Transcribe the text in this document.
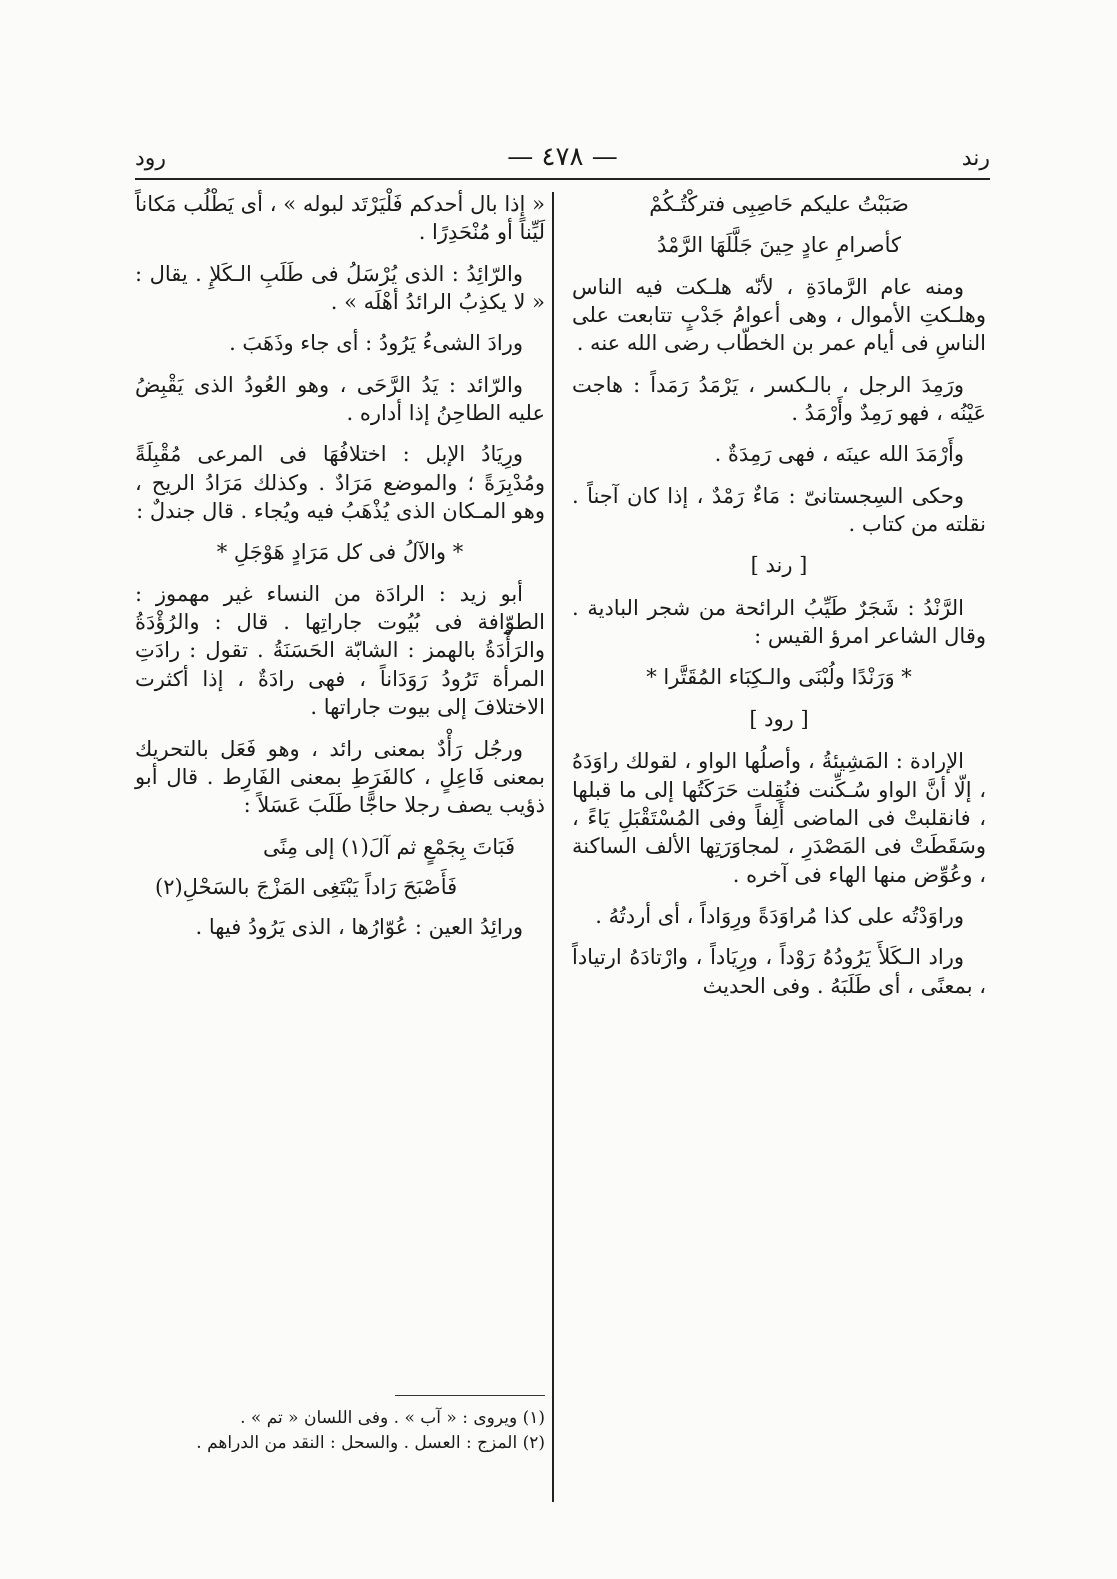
رند
— ٤٧٨ —
رود
صَبَبْتُ عليكم حَاصِبِى فتركْتُـكُمْ
كأصرامِ عادٍ حِينَ جَلَّلَهَا الرَّمْدُ

ومنه عام الرَّمادَةِ ، لأنّه هلـكت فيه الناس وهلـكتِ الأموال ، وهى أعوامُ جَدْبٍ تتابعت على الناسِ فى أيام عمر بن الخطّاب رضى الله عنه .

ورَمِدَ الرجل ، بالـكسر ، يَرْمَدُ رَمَداً : هاجت عَيْنُه ، فهو رَمِدٌ وأَرْمَدُ .

وأَرْمَدَ الله عينَه ، فهى رَمِدَةٌ .

وحكى السِجستانىّ : مَاءٌ رَمْدٌ ، إذا كان آجناً . نقلته من كتاب .

[ رند ]

الرَّنْدُ : شَجَرٌ طَيِّبُ الرائحة من شجر البادية . وقال الشاعر امرؤ القيس :

* وَرَنْدًا ولُبْنَى والـكِبَاء المُقَتَّرا *
[ رود ]

الإرادة : المَشِيئةُ ، وأصلُها الواو ، لقولك راوَدَهُ ، إلّا أنَّ الواو سُـكِّنت فنُقِلت حَرَكَتُها إلى ما قبلها ، فانقلبتْ فى الماضى أَلِفاً وفى المُسْتَقْبَلِ يَاءً ، وسَقَطَتْ فى المَصْدَرِ ، لمجاوَرَتِها الألف الساكنة ، وعُوِّض منها الهاء فى آخره .

وراوَدْتُه على كذا مُراوَدَةً ورِوَاداً ، أى أردتُهُ .

وراد الـكَلأَ يَرُودُهُ رَوْداً ، ورِيَاداً ، وارْتادَهُ ارتياداً ، بمعنًى ، أى طَلَبَهُ . وفى الحديث

« إذا بال أحدكم فَلْيَرْتَد لبوله » ، أى يَطْلُب مَكاناً لَيِّناً أو مُنْحَدِرًا .

والرّائِدُ : الذى يُرْسَلُ فى طَلَبِ الـكَلإِ . يقال : « لا يكذِبُ الرائدُ أهْلَه » .

ورادَ الشىءُ يَرُودُ : أى جاء وذَهَبَ .

والرّائد : يَدُ الرَّحَى ، وهو العُودُ الذى يَقْبِضُ عليه الطاحِنُ إذا أداره .

ورِيَادُ الإبل : اختلافُهَا فى المرعى مُقْبِلَةً ومُدْبِرَةً ؛ والموضع مَرَادٌ . وكذلك مَرَادُ الريح ، وهو المـكان الذى يُذْهَبُ فيه ويُجاء . قال جندلٌ :

* والآلُ فى كل مَرَادٍ هَوْجَلِ *

أبو زيد : الرادَة من النساء غير مهموز : الطوّافة فى بُيُوت جاراتِها . قال : والرُؤْدَةُ والرَأْدَةُ بالهمز : الشابّة الحَسَنَةُ . تقول : رادَتِ المرأة تَرُودُ رَوَدَاناً ، فهى رادَةٌ ، إذا أكثرت الاختلافَ إلى بيوت جاراتها .

ورجُل رَأْدٌ بمعنى رائد ، وهو فَعَل بالتحريك بمعنى فَاعِلٍ ، كالفَرَطِ بمعنى الفَارِط . قال أبو ذؤيب يصف رجلا حاجًّا طَلَبَ عَسَلاً :

فَبَاتَ بِجَمْعٍ ثم آلَ(١) إلى مِنًى
فَأَصْبَحَ رَاداً يَبْتَغِى المَزْجَ بالسَحْلِ(٢)

ورائِدُ العين : عُوّارُها ، الذى يَرُودُ فيها .

(١) ويروى : « آب » . وفى اللسان « تم » .

(٢) المزج : العسل . والسحل : النقد من الدراهم .
